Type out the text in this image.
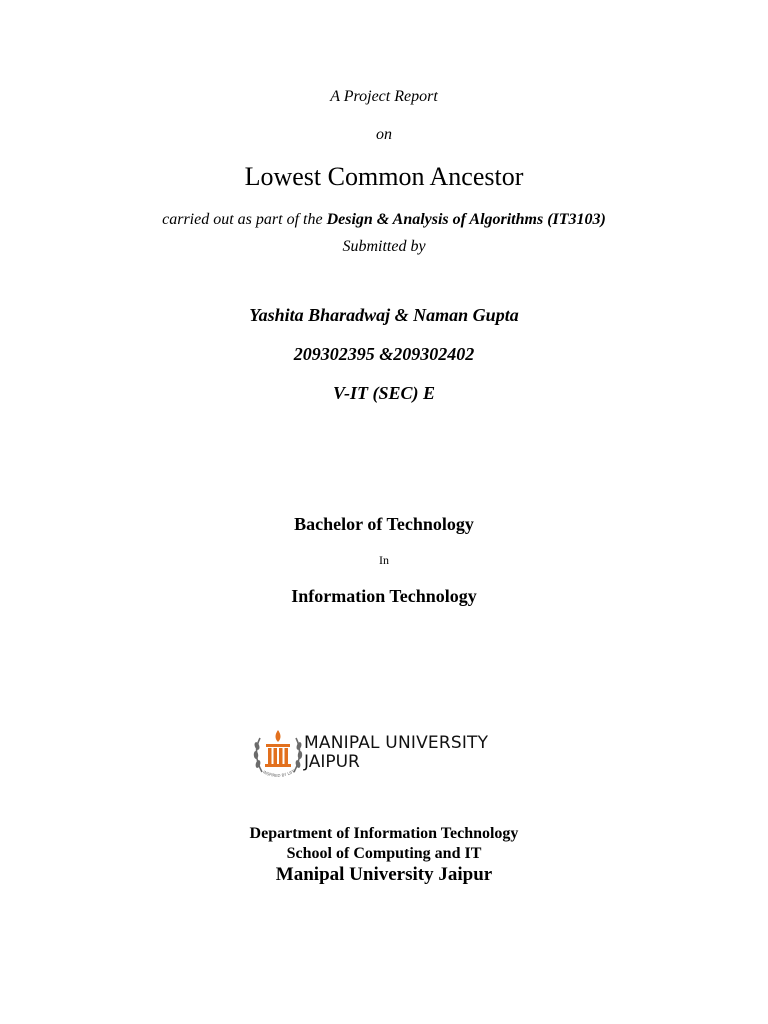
A Project Report
on
Lowest Common Ancestor
carried out as part of the Design & Analysis of Algorithms (IT3103)
Submitted by
Yashita Bharadwaj & Naman Gupta
209302395 &209302402
V-IT (SEC) E
Bachelor of Technology
In
Information Technology
INSPIRED BY LIFE
MANIPAL UNIVERSITY
JAIPUR
Department of Information Technology
School of Computing and IT
Manipal University Jaipur
